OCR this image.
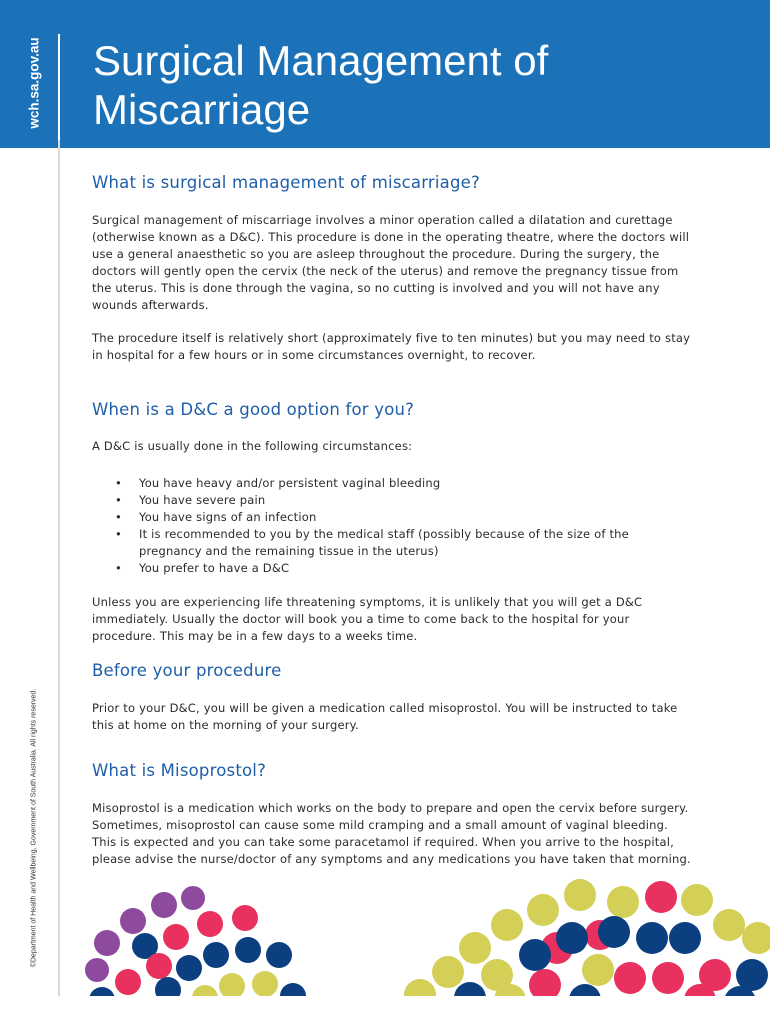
wch.sa.gov.au Surgical Management of Miscarriage
©Department of Health and Wellbeing, Government of South Australia. All rights reserved.
What is surgical management of miscarriage?

Surgical management of miscarriage involves a minor operation called a dilatation and curettage (otherwise known as a D&C). This procedure is done in the operating theatre, where the doctors will use a general anaesthetic so you are asleep throughout the procedure. During the surgery, the doctors will gently open the cervix (the neck of the uterus) and remove the pregnancy tissue from the uterus. This is done through the vagina, so no cutting is involved and you will not have any wounds afterwards.

The procedure itself is relatively short (approximately five to ten minutes) but you may need to stay in hospital for a few hours or in some circumstances overnight, to recover.

When is a D&C a good option for you?

A D&C is usually done in the following circumstances:

• You have heavy and/or persistent vaginal bleeding
• You have severe pain
• You have signs of an infection
• It is recommended to you by the medical staff (possibly because of the size of the pregnancy and the remaining tissue in the uterus)
• You prefer to have a D&C

Unless you are experiencing life threatening symptoms, it is unlikely that you will get a D&C immediately. Usually the doctor will book you a time to come back to the hospital for your procedure. This may be in a few days to a weeks time.

Before your procedure

Prior to your D&C, you will be given a medication called misoprostol. You will be instructed to take this at home on the morning of your surgery.

What is Misoprostol?

Misoprostol is a medication which works on the body to prepare and open the cervix before surgery. Sometimes, misoprostol can cause some mild cramping and a small amount of vaginal bleeding. This is expected and you can take some paracetamol if required. When you arrive to the hospital, please advise the nurse/doctor of any symptoms and any medications you have taken that morning.
